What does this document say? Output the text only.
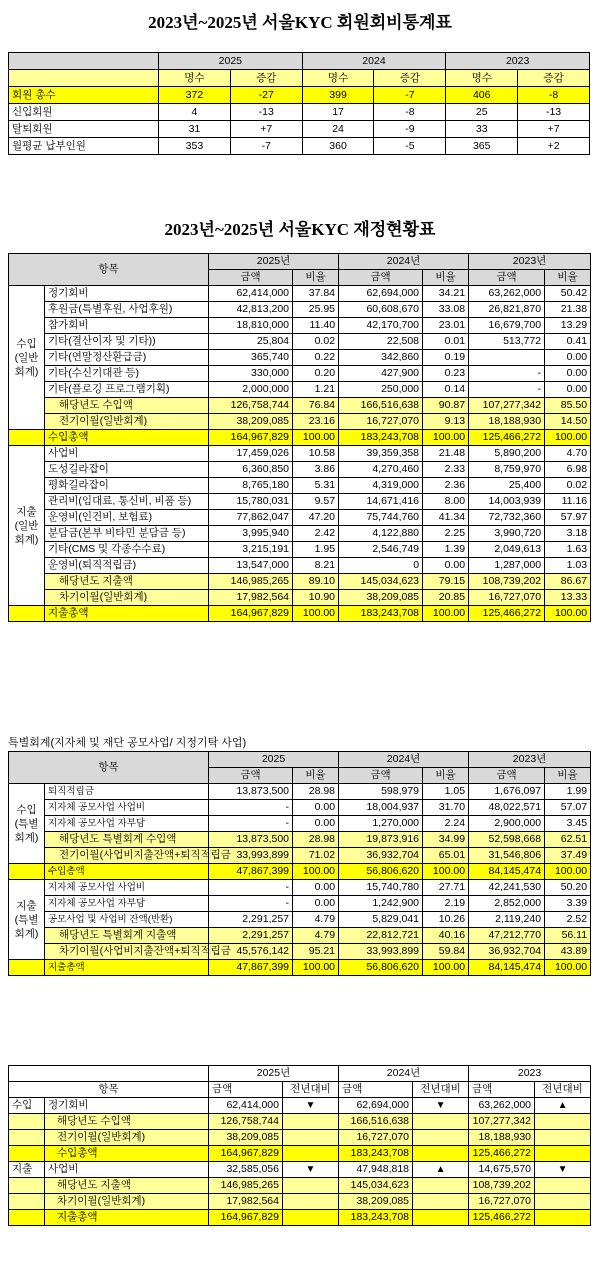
2023년~2025년 서울KYC 회원회비통계표
	2025		2024		2023	
	명수	증감	명수	증감	명수	증감
회원 총수	372	-27	399	-7	406	-8
신입회원	4	-13	17	-8	25	-13
탈퇴회원	31	+7	24	-9	33	+7
월평균 납부인원	353	-7	360	-5	365	+2
2023년~2025년 서울KYC 재정현황표
항목		2025년		2024년		2023년	
		금액	비율	금액	비율	금액	비율
수입 (일반 회계)	정기회비	62,414,000	37.84	62,694,000	34.21	63,262,000	50.42
	후원금(특별후원, 사업후원)	42,813,200	25.95	60,608,670	33.08	26,821,870	21.38
	참가회비	18,810,000	11.40	42,170,700	23.01	16,679,700	13.29
	기타(결산이자 및 기타))	25,804	0.02	22,508	0.01	513,772	0.41
	기타(연말정산환급금)	365,740	0.22	342,860	0.19		0.00
	기타(수신기대관 등)	330,000	0.20	427,900	0.23	-	0.00
	기타(플로깅 프로그램기획)	2,000,000	1.21	250,000	0.14	-	0.00
	해당년도 수입액	126,758,744	76.84	166,516,638	90.87	107,277,342	85.50
	전기이월(일반회계)	38,209,085	23.16	16,727,070	9.13	18,188,930	14.50
	수입총액	164,967,829	100.00	183,243,708	100.00	125,466,272	100.00
지출 (일반 회계)	사업비	17,459,026	10.58	39,359,358	21.48	5,890,200	4.70
	도성길라잡이	6,360,850	3.86	4,270,460	2.33	8,759,970	6.98
	평화길라잡이	8,765,180	5.31	4,319,000	2.36	25,400	0.02
	관리비(임대료, 통신비, 비품 등)	15,780,031	9.57	14,671,416	8.00	14,003,939	11.16
	운영비(인건비, 보험료)	77,862,047	47.20	75,744,760	41.34	72,732,360	57.97
	분담금(본부 비타민 분담금 등)	3,995,940	2.42	4,122,880	2.25	3,990,720	3.18
	기타(CMS 및 각종수수료)	3,215,191	1.95	2,546,749	1.39	2,049,613	1.63
	운영비(퇴직적립금)	13,547,000	8.21	0	0.00	1,287,000	1.03
	해당년도 지출액	146,985,265	89.10	145,034,623	79.15	108,739,202	86.67
	차기이월(일반회계)	17,982,564	10.90	38,209,085	20.85	16,727,070	13.33
	지출총액	164,967,829	100.00	183,243,708	100.00	125,466,272	100.00
특별회계(지자체 및 재단 공모사업/ 지정기탁 사업)
항목		2025		2024년		2023년	
		금액	비율	금액	비율	금액	비율
수입 (특별 회계)	퇴직적립금	13,873,500	28.98	598,979	1.05	1,676,097	1.99
	지자체 공모사업 사업비	-	0.00	18,004,937	31.70	48,022,571	57.07
	지자체 공모사업 자부담	-	0.00	1,270,000	2.24	2,900,000	3.45
	해당년도 특별회계 수입액	13,873,500	28.98	19,873,916	34.99	52,598,668	62.51
	전기이월(사업비지출잔액+퇴직적립금	33,993,899	71.02	36,932,704	65.01	31,546,806	37.49
	수입총액	47,867,399	100.00	56,806,620	100.00	84,145,474	100.00
지출 (특별 회계)	지자체 공모사업 사업비	-	0.00	15,740,780	27.71	42,241,530	50.20
	지자체 공모사업 자부담	-	0.00	1,242,900	2.19	2,852,000	3.39
	공모사업 및 사업비 잔액(반환)	2,291,257	4.79	5,829,041	10.26	2,119,240	2.52
	해당년도 특별회계 지출액	2,291,257	4.79	22,812,721	40.16	47,212,770	56.11
	차기이월(사업비지출잔액+퇴직적립금	45,576,142	95.21	33,993,899	59.84	36,932,704	43.89
	지출총액	47,867,399	100.00	56,806,620	100.00	84,145,474	100.00
		2025년		2024년		2023	
항목		금액	전년대비	금액	전년대비	금액	전년대비
수입	정기회비	62,414,000	▼	62,694,000	▼	63,262,000	▲
	해당년도 수입액	126,758,744		166,516,638		107,277,342	
	전기이월(일반회계)	38,209,085		16,727,070		18,188,930	
	수입총액	164,967,829		183,243,708		125,466,272	
지출	사업비	32,585,056	▼	47,948,818	▲	14,675,570	▼
	해당년도 지출액	146,985,265		145,034,623		108,739,202	
	차기이월(일반회계)	17,982,564		38,209,085		16,727,070	
	지출총액	164,967,829		183,243,708		125,466,272	
